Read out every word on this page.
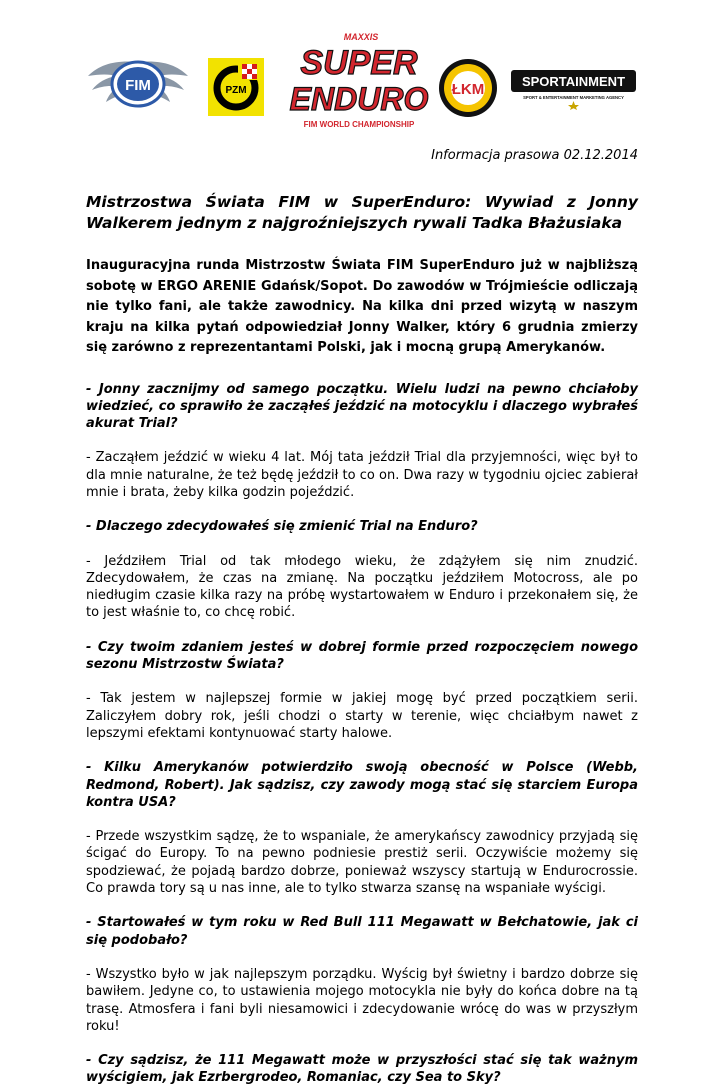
FIM	PZM
MAXXIS
SUPER
ENDURO
FIM WORLD CHAMPIONSHIP
ŁKM	SPORTAINMENT
SPORT & ENTERTAINMENT MARKETING AGENCY
Informacja prasowa 02.12.2014
Mistrzostwa Świata FIM w SuperEnduro: Wywiad z Jonny Walkerem jednym z najgroźniejszych rywali Tadka Błażusiaka
Inauguracyjna runda Mistrzostw Świata FIM SuperEnduro już w najbliższą sobotę w ERGO ARENIE Gdańsk/Sopot. Do zawodów w Trójmieście odliczają nie tylko fani, ale także zawodnicy. Na kilka dni przed wizytą w naszym kraju na kilka pytań odpowiedział Jonny Walker, który 6 grudnia zmierzy się zarówno z reprezentantami Polski, jak i mocną grupą Amerykanów.

- Jonny zacznijmy od samego początku. Wielu ludzi na pewno chciałoby wiedzieć, co sprawiło że zacząłeś jeździć na motocyklu i dlaczego wybrałeś akurat Trial?

- Zacząłem jeździć w wieku 4 lat. Mój tata jeździł Trial dla przyjemności, więc był to dla mnie naturalne, że też będę jeździł to co on. Dwa razy w tygodniu ojciec zabierał mnie i brata, żeby kilka godzin pojeździć.

- Dlaczego zdecydowałeś się zmienić Trial na Enduro?

- Jeździłem Trial od tak młodego wieku, że zdążyłem się nim znudzić. Zdecydowałem, że czas na zmianę. Na początku jeździłem Motocross, ale po niedługim czasie kilka razy na próbę wystartowałem w Enduro i przekonałem się, że to jest właśnie to, co chcę robić.

- Czy twoim zdaniem jesteś w dobrej formie przed rozpoczęciem nowego sezonu Mistrzostw Świata?

- Tak jestem w najlepszej formie w jakiej mogę być przed początkiem serii. Zaliczyłem dobry rok, jeśli chodzi o starty w terenie, więc chciałbym nawet z lepszymi efektami kontynuować starty halowe.

- Kilku Amerykanów potwierdziło swoją obecność w Polsce (Webb, Redmond, Robert). Jak sądzisz, czy zawody mogą stać się starciem Europa kontra USA?

- Przede wszystkim sądzę, że to wspaniale, że amerykańscy zawodnicy przyjadą się ścigać do Europy. To na pewno podniesie prestiż serii. Oczywiście możemy się spodziewać, że pojadą bardzo dobrze, ponieważ wszyscy startują w Endurocrossie. Co prawda tory są u nas inne, ale to tylko stwarza szansę na wspaniałe wyścigi.

- Startowałeś w tym roku w Red Bull 111 Megawatt w Bełchatowie, jak ci się podobało?

- Wszystko było w jak najlepszym porządku. Wyścig był świetny i bardzo dobrze się bawiłem. Jedyne co, to ustawienia mojego motocykla nie były do końca dobre na tą trasę. Atmosfera i fani byli niesamowici i zdecydowanie wrócę do was w przyszłym roku!

- Czy sądzisz, że 111 Megawatt może w przyszłości stać się tak ważnym wyścigiem, jak Ezrbergrodeo, Romaniac, czy Sea to Sky?
